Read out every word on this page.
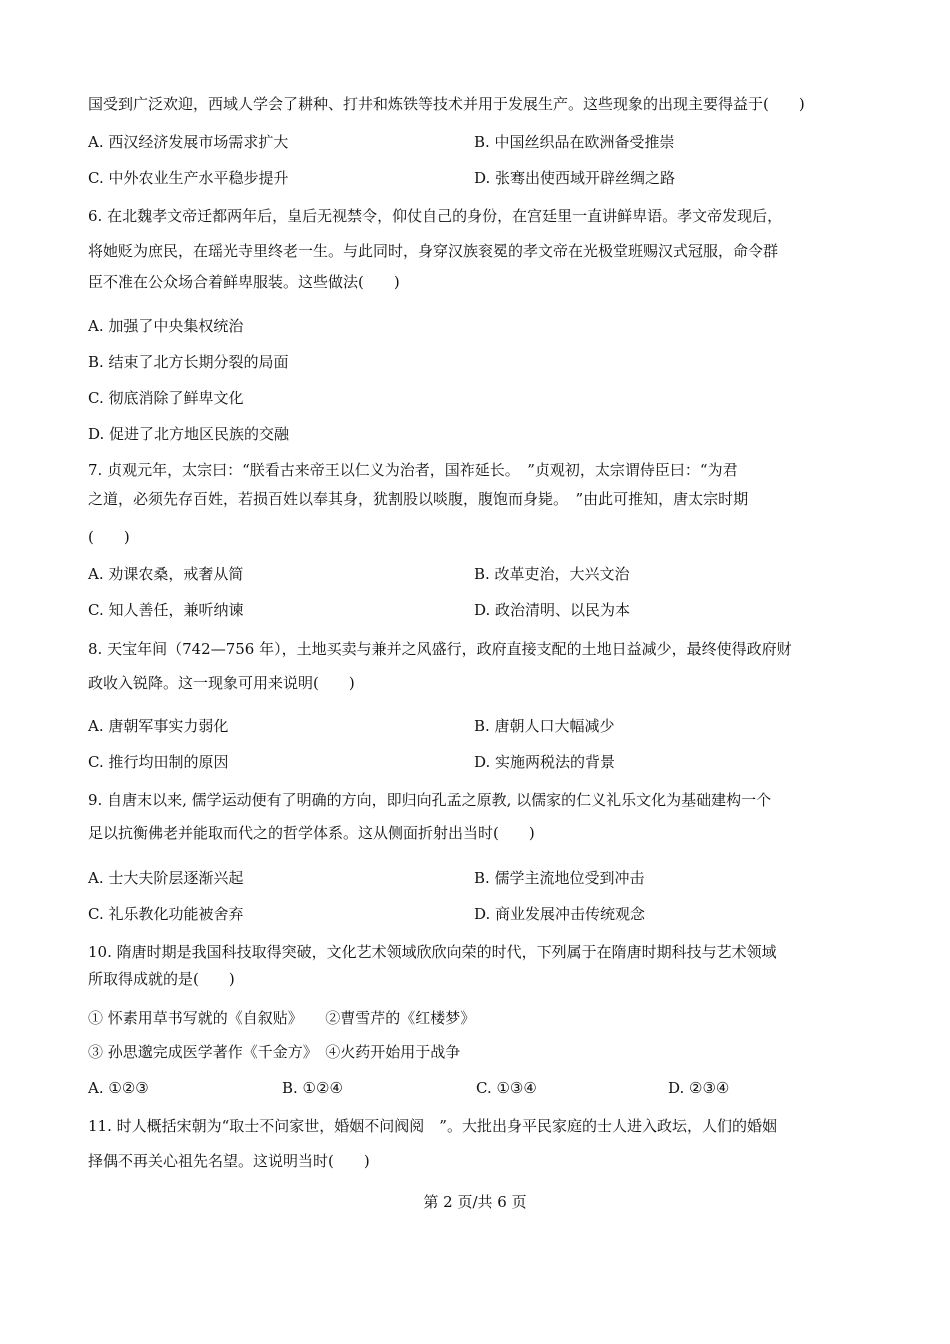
国受到广泛欢迎，西域人学会了耕种、打井和炼铁等技术并用于发展生产。这些现象的出现主要得益于(　　)
A. 西汉经济发展市场需求扩大	B. 中国丝织品在欧洲备受推崇
C. 中外农业生产水平稳步提升	D. 张骞出使西域开辟丝绸之路
6. 在北魏孝文帝迁都两年后，皇后无视禁令，仰仗自己的身份，在宫廷里一直讲鲜卑语。孝文帝发现后，
将她贬为庶民，在瑶光寺里终老一生。与此同时，身穿汉族衮冕的孝文帝在光极堂班赐汉式冠服，命令群
臣不准在公众场合着鲜卑服装。这些做法(　　)
A. 加强了中央集权统治
B. 结束了北方长期分裂的局面
C. 彻底消除了鲜卑文化
D. 促进了北方地区民族的交融
7. 贞观元年，太宗曰：“朕看古来帝王以仁义为治者，国祚延长。　”贞观初，太宗谓侍臣曰：“为君
之道，必须先存百姓，若损百姓以奉其身，犹割股以啖腹，腹饱而身毙。　”由此可推知，唐太宗时期
(　　)
A. 劝课农桑，戒奢从简	B. 改革吏治，大兴文治
C. 知人善任，兼听纳谏	D. 政治清明、以民为本
8. 天宝年间（742—756 年），土地买卖与兼并之风盛行，政府直接支配的土地日益减少，最终使得政府财
政收入锐降。这一现象可用来说明(　　)
A. 唐朝军事实力弱化	B. 唐朝人口大幅减少
C. 推行均田制的原因	D. 实施两税法的背景
9. 自唐末以来, 儒学运动便有了明确的方向，即归向孔孟之原教, 以儒家的仁义礼乐文化为基础建构一个
足以抗衡佛老并能取而代之的哲学体系。这从侧面折射出当时(　　)
A. 士大夫阶层逐渐兴起	B. 儒学主流地位受到冲击
C. 礼乐教化功能被舍弃	D. 商业发展冲击传统观念
10. 隋唐时期是我国科技取得突破，文化艺术领域欣欣向荣的时代，下列属于在隋唐时期科技与艺术领域
所取得成就的是(　　)
① 怀素用草书写就的《自叙贴》　　②曹雪芹的《红楼梦》
③ 孙思邈完成医学著作《千金方》　④火药开始用于战争
A. ①②③	B. ①②④	C. ①③④	D. ②③④
11. 时人概括宋朝为“取士不问家世，婚姻不问阀阅　”。大批出身平民家庭的士人进入政坛，人们的婚姻
择偶不再关心祖先名望。这说明当时(　　)
第 2 页/共 6 页
